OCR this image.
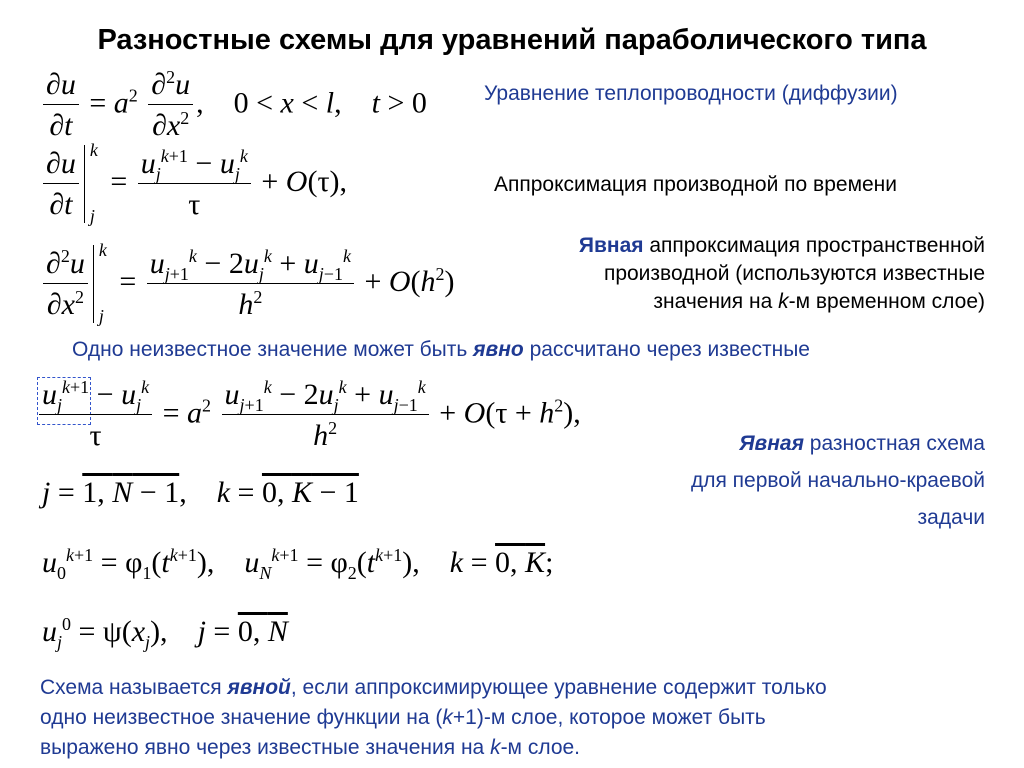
Разностные схемы для уравнений параболического типа
$\frac{\partial u}{\partial t} = a^2 \frac{\partial^2u}{\partial x^2}$ ,    0 < x < l,    t > 0
$\frac{\partial u}{\partial t}$ k
j
= $\frac{u_j^{k+1} - u_j^k}{\tau} + O(\tau)$,
$\frac{\partial^2u}{\partial x^2}$ k
j
= $\frac{u_{j+1}^k - 2u_j^k + u_{j-1}^k}{h^2} + O(h^2)$
$\frac{u_j^{k+1} - u_j^k}{\tau} = a^2 \frac{u_{j+1}^k - 2u_j^k + u_{j-1}^k}{h^2} + O(\tau + h^2)$,
j = 1, N − 1,    k = 0, K − 1
$u_0^{k+1} = \varphi_1(t^{k+1})$,    $u_N^{k+1} = \varphi_2(t^{k+1})$,    k = 0, K;
$u_j^0 = \psi(x_j)$,    j = 0, N
Уравнение теплопроводности (диффузии)
Аппроксимация производной по времени
Явная аппроксимация пространственной
производной (используются известные
значения на k-м временном слое)
Одно неизвестное значение может быть явно рассчитано через известные
Явная разностная схема
для первой начально-краевой
задачи
Схема называется явной, если аппроксимирующее уравнение содержит только
одно неизвестное значение функции на (k+1)-м слое, которое может быть
выражено явно через известные значения на k-м слое.
